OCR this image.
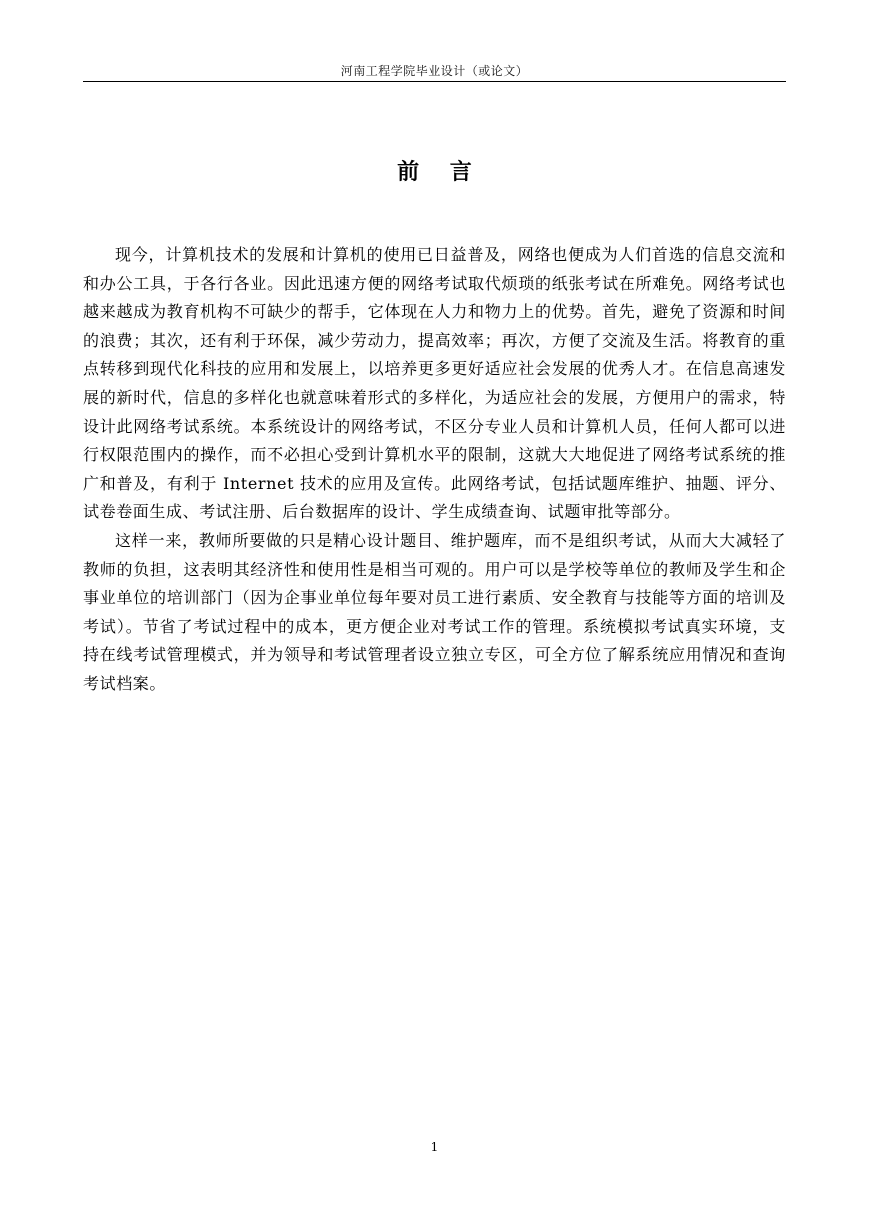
河南工程学院毕业设计（或论文）
前    言

现今，计算机技术的发展和计算机的使用已日益普及，网络也便成为人们首选的信息交流和和办公工具，于各行各业。因此迅速方便的网络考试取代烦琐的纸张考试在所难免。网络考试也越来越成为教育机构不可缺少的帮手，它体现在人力和物力上的优势。首先，避免了资源和时间的浪费；其次，还有利于环保，减少劳动力，提高效率；再次，方便了交流及生活。将教育的重点转移到现代化科技的应用和发展上，以培养更多更好适应社会发展的优秀人才。在信息高速发展的新时代，信息的多样化也就意味着形式的多样化，为适应社会的发展，方便用户的需求，特设计此网络考试系统。本系统设计的网络考试，不区分专业人员和计算机人员，任何人都可以进行权限范围内的操作，而不必担心受到计算机水平的限制，这就大大地促进了网络考试系统的推广和普及，有利于 Internet 技术的应用及宣传。此网络考试，包括试题库维护、抽题、评分、试卷卷面生成、考试注册、后台数据库的设计、学生成绩查询、试题审批等部分。

这样一来，教师所要做的只是精心设计题目、维护题库，而不是组织考试，从而大大减轻了教师的负担，这表明其经济性和使用性是相当可观的。用户可以是学校等单位的教师及学生和企事业单位的培训部门（因为企事业单位每年要对员工进行素质、安全教育与技能等方面的培训及考试）。节省了考试过程中的成本，更方便企业对考试工作的管理。系统模拟考试真实环境，支持在线考试管理模式，并为领导和考试管理者设立独立专区，可全方位了解系统应用情况和查询考试档案。

1
